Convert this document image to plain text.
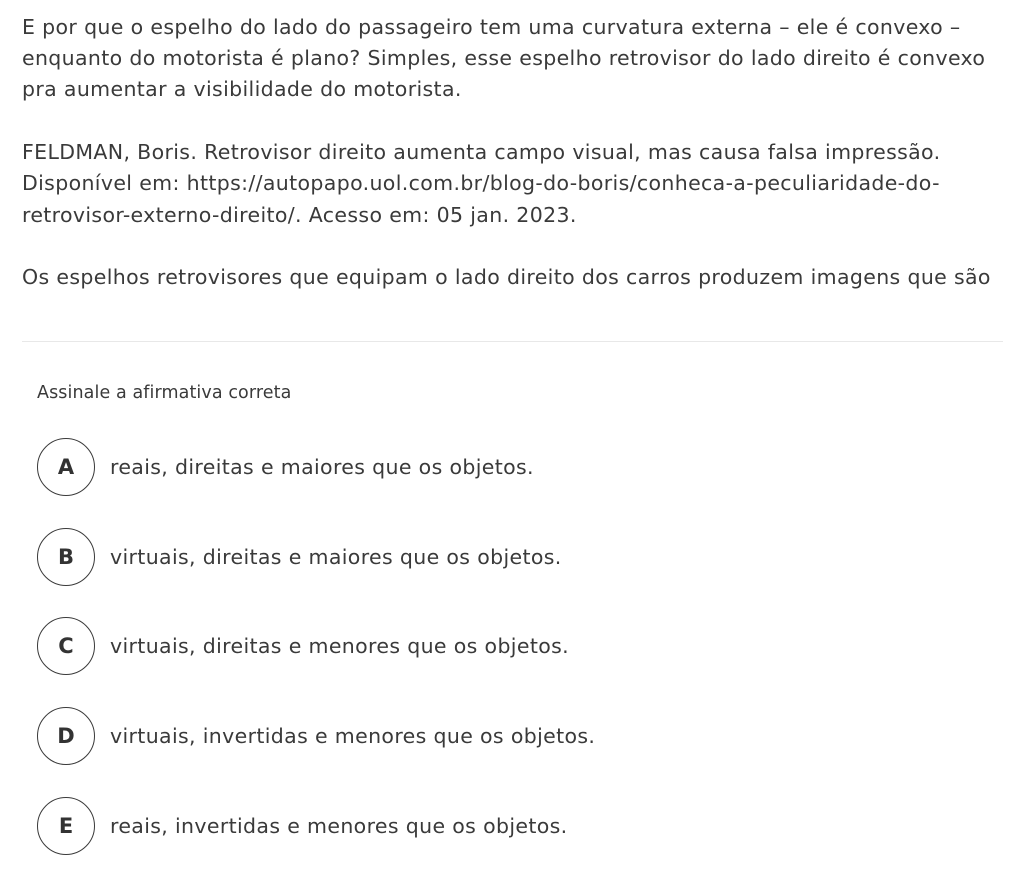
E por que o espelho do lado do passageiro tem uma curvatura externa – ele é convexo – enquanto do motorista é plano? Simples, esse espelho retrovisor do lado direito é convexo pra aumentar a visibilidade do motorista.

FELDMAN, Boris. Retrovisor direito aumenta campo visual, mas causa falsa impressão. Disponível em: https://autopapo.uol.com.br/blog-do-boris/conheca-a-peculiaridade-do-retrovisor-externo-direito/. Acesso em: 05 jan. 2023.

Os espelhos retrovisores que equipam o lado direito dos carros produzem imagens que são

Assinale a afirmativa correta
A	reais, direitas e maiores que os objetos.
B	virtuais, direitas e maiores que os objetos.
C	virtuais, direitas e menores que os objetos.
D	virtuais, invertidas e menores que os objetos.
E	reais, invertidas e menores que os objetos.
